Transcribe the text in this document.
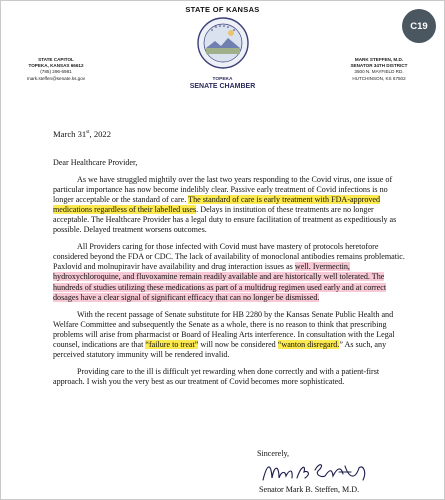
STATE OF KANSAS
C19
STATE CAPITOL
TOPEKA, KANSAS 66612
(785) 296-6981
mark.steffen@senate.ks.gov	TOPEKA
SENATE CHAMBER
MARK STEFFEN, M.D.
SENATOR 34TH DISTRICT
3500 N. MAYFIELD RD.
HUTCHINSON, KS 67502
March 31st, 2022

Dear Healthcare Provider,

As we have struggled mightily over the last two years responding to the Covid virus, one issue of particular importance has now become indelibly clear. Passive early treatment of Covid infections is no longer acceptable or the standard of care. The standard of care is early treatment with FDA-approved medications regardless of their labelled uses. Delays in institution of these treatments are no longer acceptable. The Healthcare Provider has a legal duty to ensure facilitation of treatment as expeditiously as possible. Delayed treatment worsens outcomes.

All Providers caring for those infected with Covid must have mastery of protocols heretofore considered beyond the FDA or CDC. The lack of availability of monoclonal antibodies remains problematic. Paxlovid and molnupiravir have availability and drug interaction issues as well. Ivermectin, hydroxychloroquine, and fluvoxamine remain readily available and are historically well tolerated. The hundreds of studies utilizing these medications as part of a multidrug regimen used early and at correct dosages have a clear signal of significant efficacy that can no longer be dismissed.

With the recent passage of Senate substitute for HB 2280 by the Kansas Senate Public Health and Welfare Committee and subsequently the Senate as a whole, there is no reason to think that prescribing problems will arise from pharmacist or Board of Healing Arts interference. In consultation with the Legal counsel, indications are that “failure to treat” will now be considered “wanton disregard.” As such, any perceived statutory immunity will be rendered invalid.

Providing care to the ill is difficult yet rewarding when done correctly and with a patient-first approach. I wish you the very best as our treatment of Covid becomes more sophisticated.

Sincerely,
Senator Mark B. Steffen, M.D.
